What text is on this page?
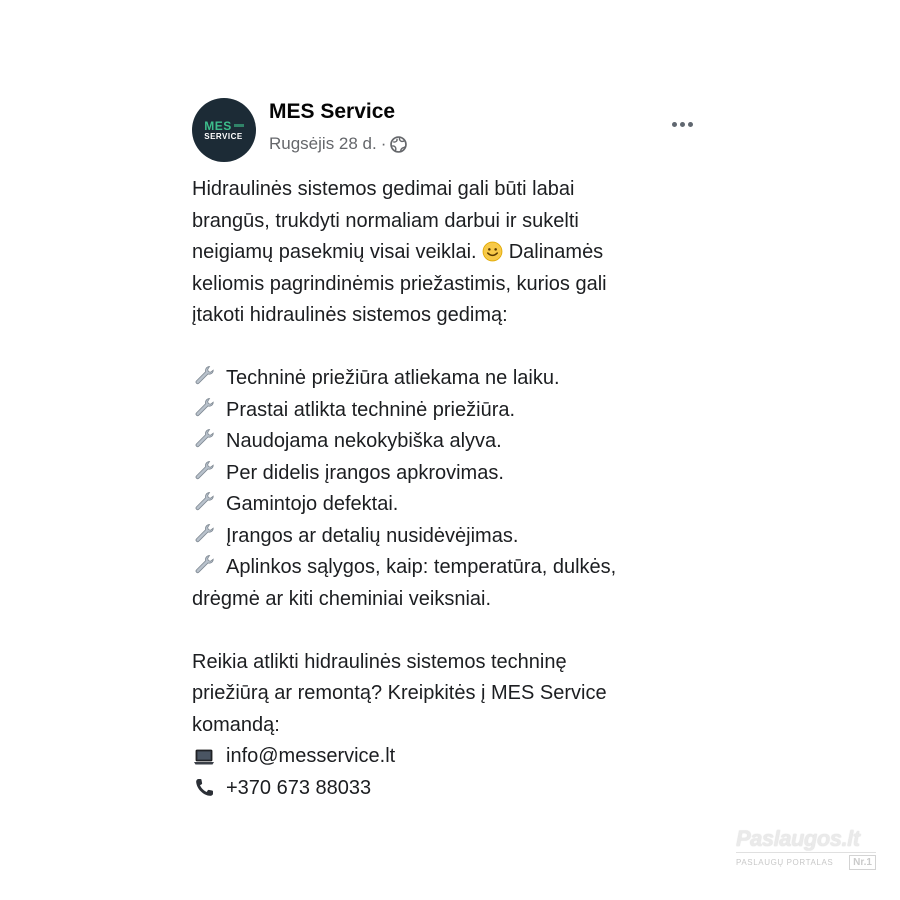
MES
SERVICE
MES Service
Rugsėjis 28 d. ·

Hidraulinės sistemos gedimai gali būti labai

brangūs, trukdyti normaliam darbui ir sukelti

neigiamų pasekmių visai veiklai. Dalinamės

keliomis pagrindinėmis priežastimis, kurios gali

įtakoti hidraulinės sistemos gedimą:

Techninė priežiūra atliekama ne laiku.
Prastai atlikta techninė priežiūra.
Naudojama nekokybiška alyva.
Per didelis įrangos apkrovimas.
Gamintojo defektai.
Įrangos ar detalių nusidėvėjimas.
Aplinkos sąlygos, kaip: temperatūra, dulkės,

drėgmė ar kiti cheminiai veiksniai.

Reikia atlikti hidraulinės sistemos techninę

priežiūrą ar remontą? Kreipkitės į MES Service

komandą:

info@messervice.lt
+370 673 88033
Paslaugos.lt
PASLAUGŲ PORTALAS	Nr.1
